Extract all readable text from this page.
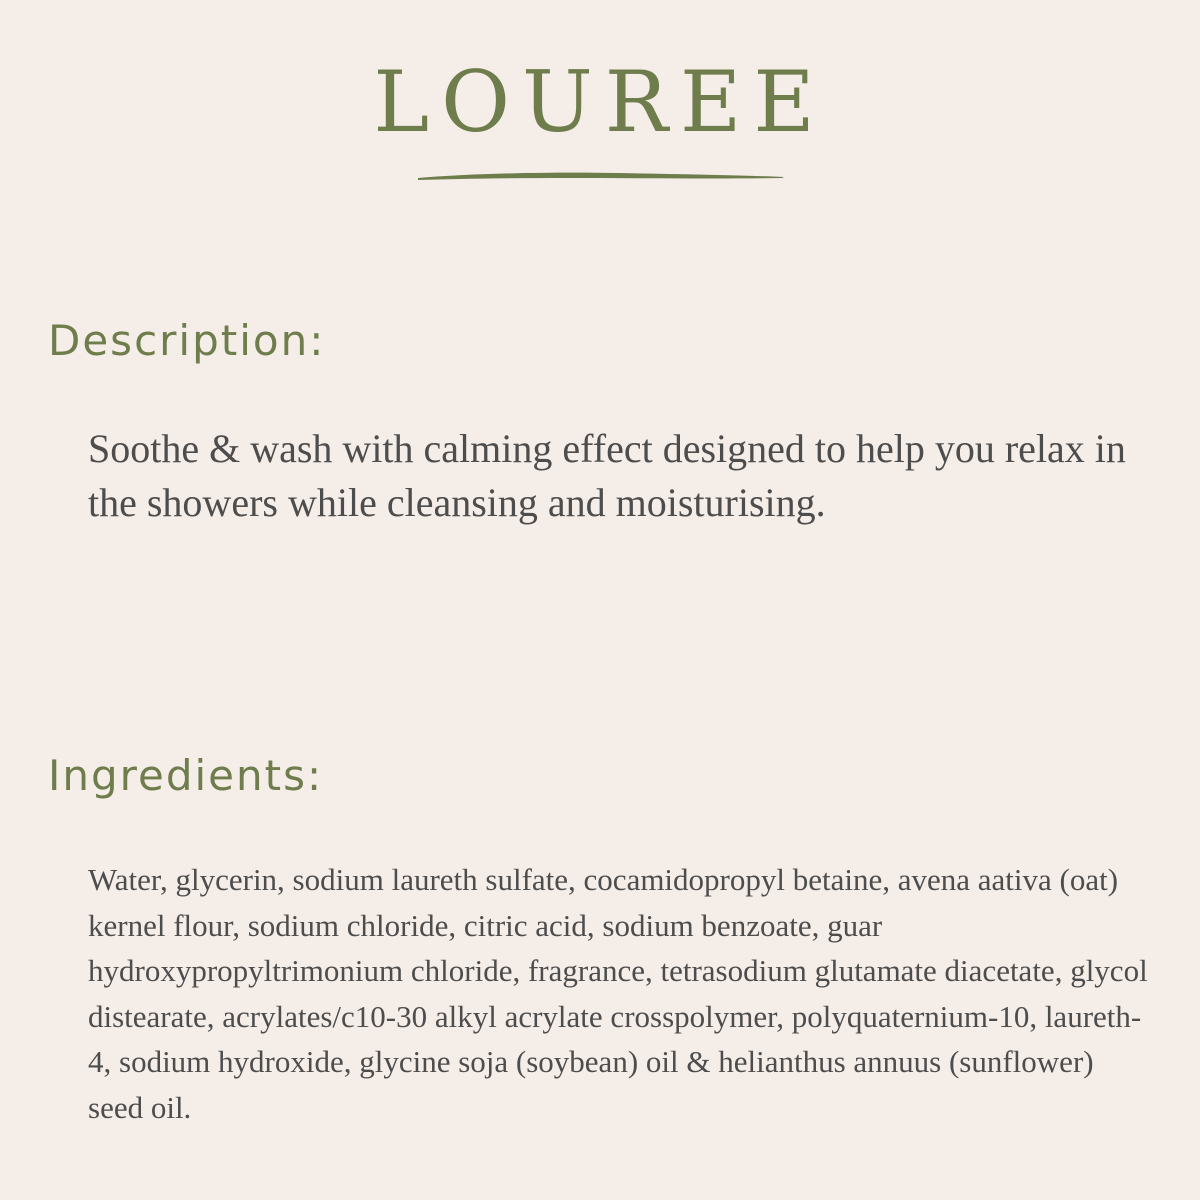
LOUREE
Description:

Soothe & wash with calming effect designed to help you relax in the showers while cleansing and moisturising.

Ingredients:

Water, glycerin, sodium laureth sulfate, cocamidopropyl betaine, avena aativa (oat) kernel flour, sodium chloride, citric acid, sodium benzoate, guar hydroxypropyltrimonium chloride, fragrance, tetrasodium glutamate diacetate, glycol distearate, acrylates/c10-30 alkyl acrylate crosspolymer, polyquaternium-10, laureth-4, sodium hydroxide, glycine soja (soybean) oil & helianthus annuus (sunflower) seed oil.
